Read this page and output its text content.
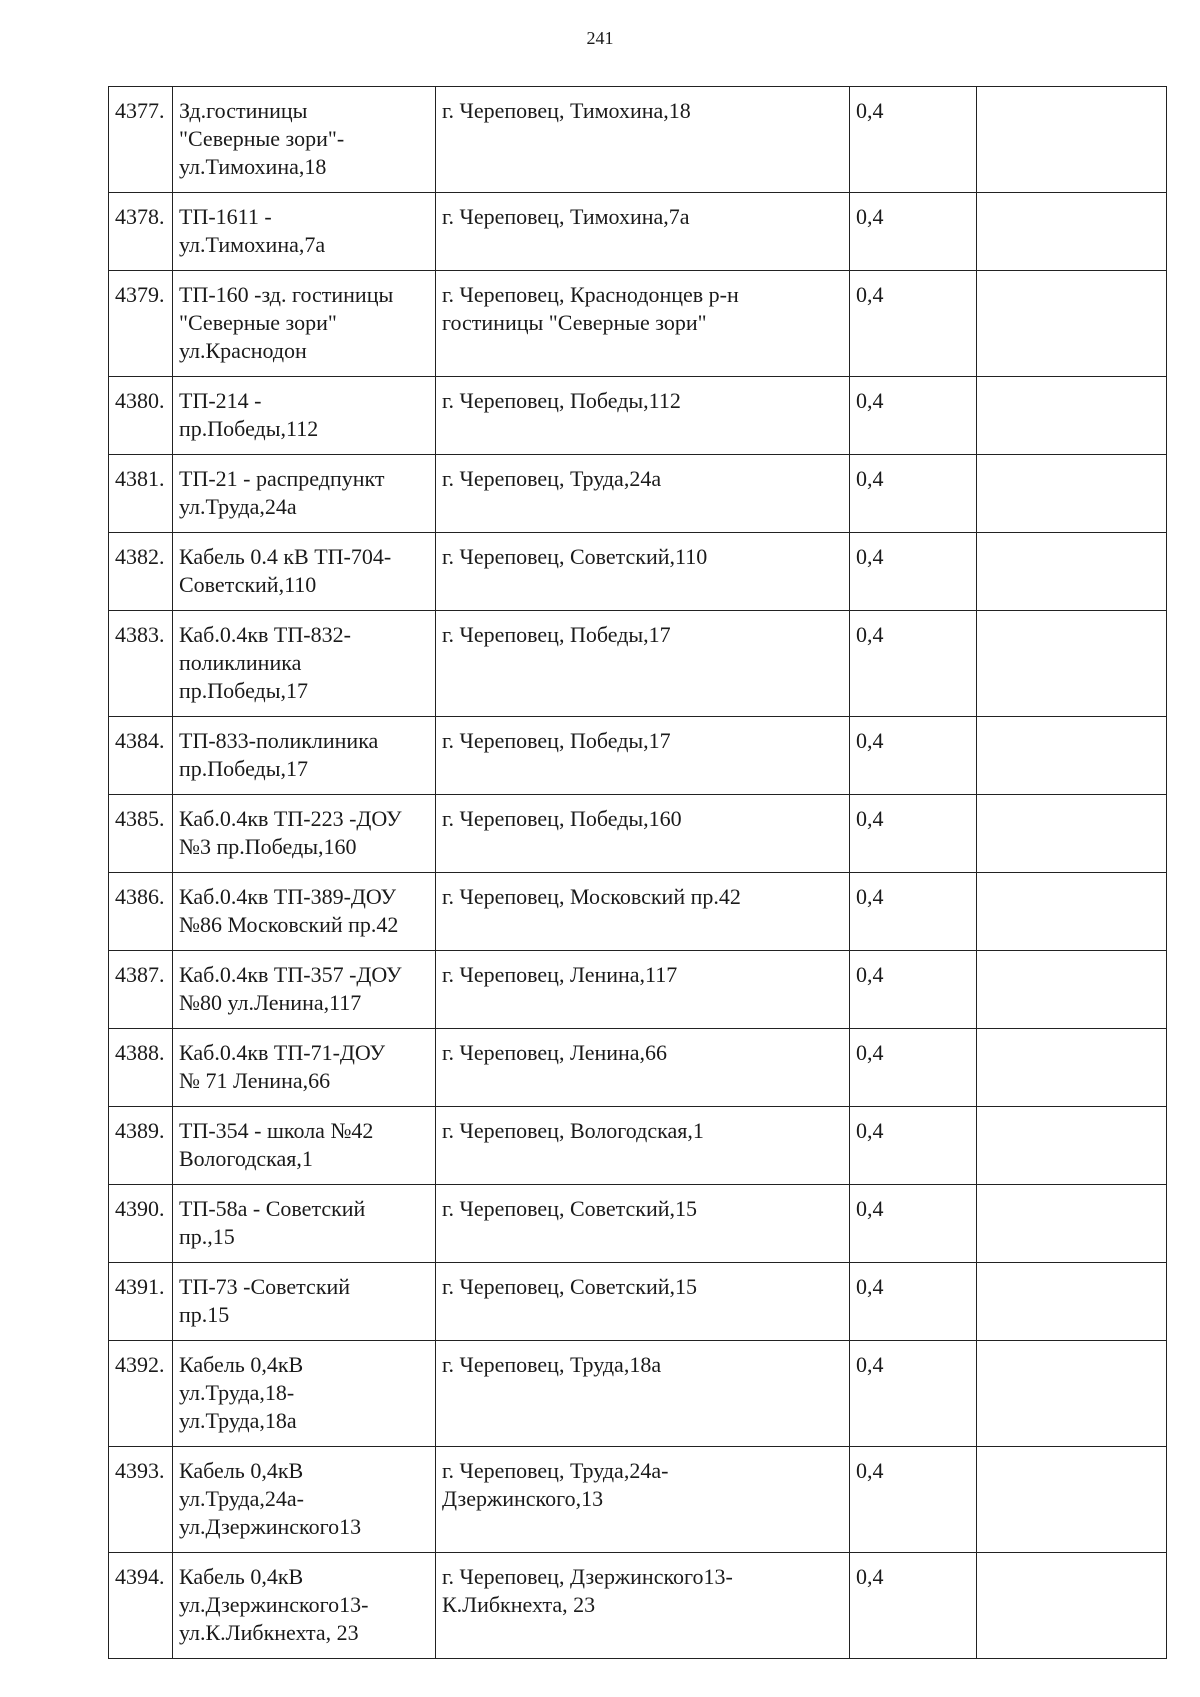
241
4377.	Зд.гостиницы
"Северные зори"-
ул.Тимохина,18	г. Череповец, Тимохина,18	0,4	
4378.	ТП-1611 -
ул.Тимохина,7а	г. Череповец, Тимохина,7а	0,4	
4379.	ТП-160 -зд. гостиницы
"Северные зори"
ул.Краснодон	г. Череповец, Краснодонцев р-н
гостиницы "Северные зори"	0,4	
4380.	ТП-214 -
пр.Победы,112	г. Череповец, Победы,112	0,4	
4381.	ТП-21 - распредпункт
ул.Труда,24а	г. Череповец, Труда,24а	0,4	
4382.	Кабель 0.4 кВ ТП-704-
Советский,110	г. Череповец, Советский,110	0,4	
4383.	Каб.0.4кв ТП-832-
поликлиника
пр.Победы,17	г. Череповец, Победы,17	0,4	
4384.	ТП-833-поликлиника
пр.Победы,17	г. Череповец, Победы,17	0,4	
4385.	Каб.0.4кв ТП-223 -ДОУ
№3 пр.Победы,160	г. Череповец, Победы,160	0,4	
4386.	Каб.0.4кв ТП-389-ДОУ
№86 Московский пр.42	г. Череповец, Московский пр.42	0,4	
4387.	Каб.0.4кв ТП-357 -ДОУ
№80 ул.Ленина,117	г. Череповец, Ленина,117	0,4	
4388.	Каб.0.4кв ТП-71-ДОУ
№ 71 Ленина,66	г. Череповец, Ленина,66	0,4	
4389.	ТП-354 - школа №42
Вологодская,1	г. Череповец, Вологодская,1	0,4	
4390.	ТП-58а - Советский
пр.,15	г. Череповец, Советский,15	0,4	
4391.	ТП-73 -Советский
пр.15	г. Череповец, Советский,15	0,4	
4392.	Кабель 0,4кВ
ул.Труда,18-
ул.Труда,18а	г. Череповец, Труда,18а	0,4	
4393.	Кабель 0,4кВ
ул.Труда,24а-
ул.Дзержинского13	г. Череповец, Труда,24а-
Дзержинского,13	0,4	
4394.	Кабель 0,4кВ
ул.Дзержинского13-
ул.К.Либкнехта, 23	г. Череповец, Дзержинского13-
К.Либкнехта, 23	0,4	
